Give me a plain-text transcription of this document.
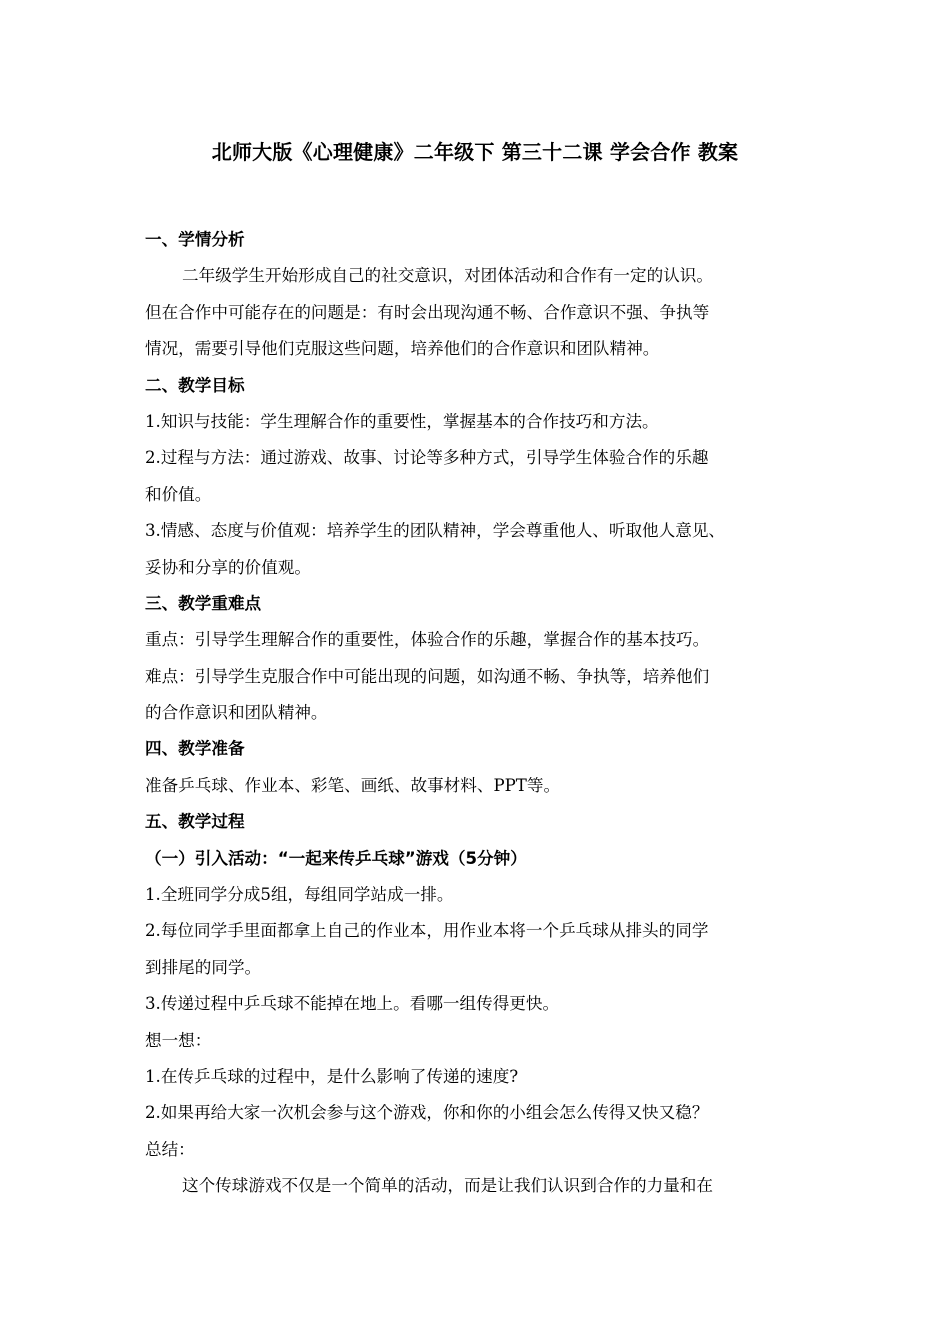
北师大版《心理健康》二年级下 第三十二课 学会合作 教案
一、学情分析
二年级学生开始形成自己的社交意识，对团体活动和合作有一定的认识。
但在合作中可能存在的问题是：有时会出现沟通不畅、合作意识不强、争执等
情况，需要引导他们克服这些问题，培养他们的合作意识和团队精神。
二、教学目标
1.知识与技能：学生理解合作的重要性，掌握基本的合作技巧和方法。
2.过程与方法：通过游戏、故事、讨论等多种方式，引导学生体验合作的乐趣
和价值。
3.情感、态度与价值观：培养学生的团队精神，学会尊重他人、听取他人意见、
妥协和分享的价值观。
三、教学重难点
重点：引导学生理解合作的重要性，体验合作的乐趣，掌握合作的基本技巧。
难点：引导学生克服合作中可能出现的问题，如沟通不畅、争执等，培养他们
的合作意识和团队精神。
四、教学准备
准备乒乓球、作业本、彩笔、画纸、故事材料、PPT等。
五、教学过程
（一）引入活动：“一起来传乒乓球”游戏（5分钟）
1.全班同学分成5组，每组同学站成一排。
2.每位同学手里面都拿上自己的作业本，用作业本将一个乒乓球从排头的同学
到排尾的同学。
3.传递过程中乒乓球不能掉在地上。看哪一组传得更快。
想一想：
1.在传乒乓球的过程中，是什么影响了传递的速度?
2.如果再给大家一次机会参与这个游戏，你和你的小组会怎么传得又快又稳？
总结：
这个传球游戏不仅是一个简单的活动，而是让我们认识到合作的力量和在
